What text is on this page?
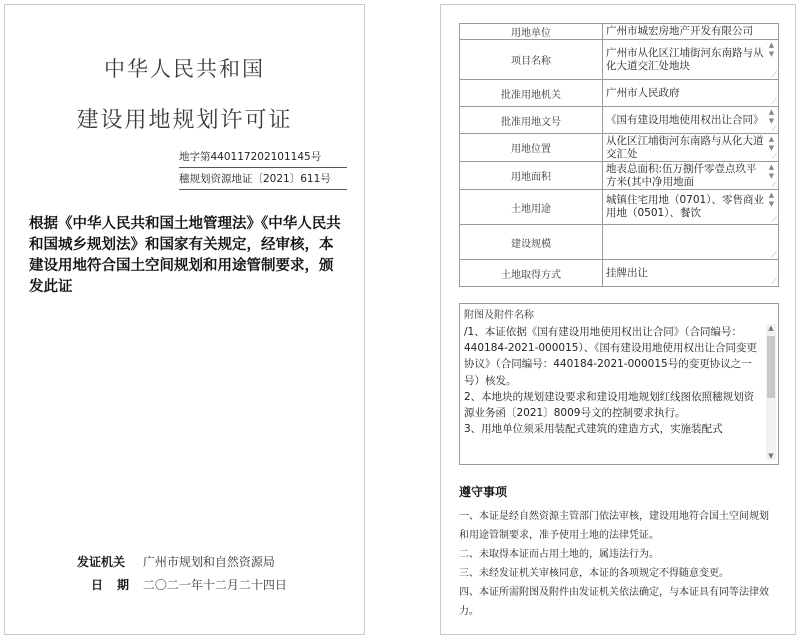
中华人民共和国
建设用地规划许可证
地字第440117202101145号
穗规划资源地证〔2021〕611号
根据《中华人民共和国土地管理法》《中华人民共和国城乡规划法》和国家有关规定，经审核，本建设用地符合国土空间规划和用途管制要求，颁发此证
发证机关 广州市规划和自然资源局
日期 二〇二一年十二月二十四日
用地单位	广州市城宏房地产开发有限公司

项目名称	广州市从化区江埔街河东南路与从化大道交汇处地块
▲
▼
⟋

批准用地机关	广州市人民政府
⟋

批准用地文号	《国有建设用地使用权出让合同》
▲
▼
⟋

用地位置	从化区江埔街河东南路与从化大道交汇处
▲
▼
⟋

用地面积	地表总面积:伍万捌仟零壹点玖平方米(其中净用地面
▲
▼
⟋

土地用途	城镇住宅用地（0701）、零售商业用地（0501）、餐饮
▲
▼
⟋

建设规模	⟋

土地取得方式	挂牌出让
⟋
附图及附件名称
/1、本证依据《国有建设用地使用权出让合同》（合同编号：440184-2021-000015）、《国有建设用地使用权出让合同变更协议》（合同编号：440184-2021-000015号的变更协议之一号）核发。
2、本地块的规划建设要求和建设用地规划红线图依照穗规划资源业务函〔2021〕8009号文的控制要求执行。
3、用地单位须采用装配式建筑的建造方式，实施装配式
▲
▼
遵守事项
一、本证是经自然资源主管部门依法审核，建设用地符合国土空间规划和用途管制要求，准予使用土地的法律凭证。
二、未取得本证而占用土地的，属违法行为。
三、未经发证机关审核同意，本证的各项规定不得随意变更。
四、本证所需附图及附件由发证机关依法确定，与本证具有同等法律效力。
